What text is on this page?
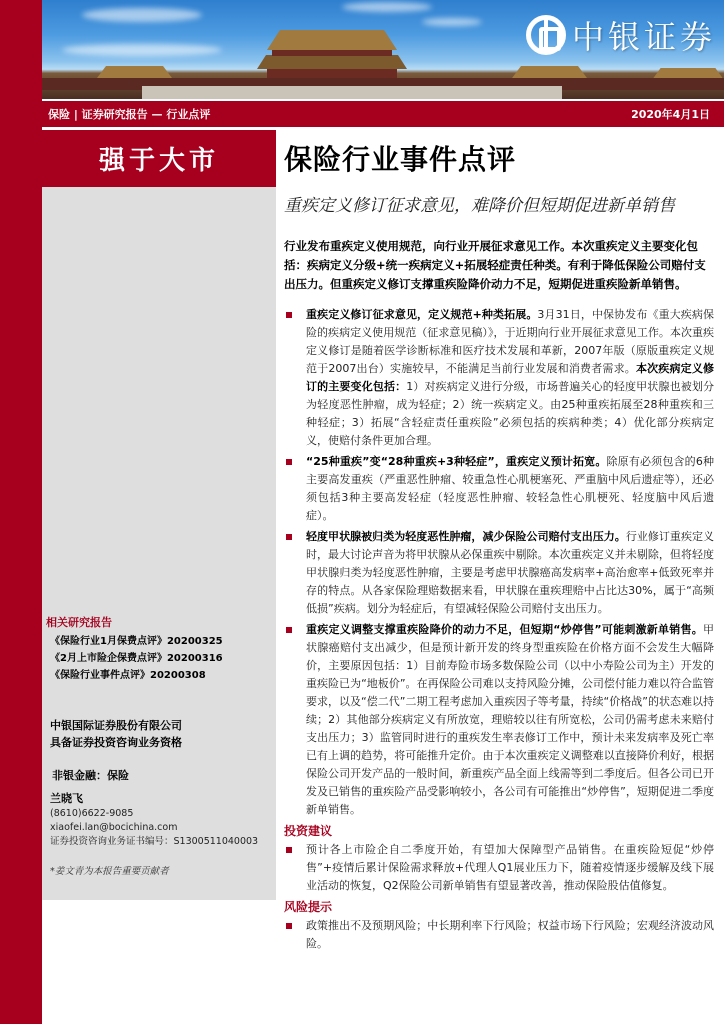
中银证券
保险 | 证券研究报告 — 行业点评	2020年4月1日
强于大市
相关研究报告
《保险行业1月保费点评》20200325
《2月上市险企保费点评》20200316
《保险行业事件点评》20200308
中银国际证券股份有限公司
具备证券投资咨询业务资格
非银金融：保险
兰晓飞
(8610)6622-9085
xiaofei.lan@bocichina.com
证券投资咨询业务证书编号：S1300511040003
*姜文青为本报告重要贡献者
保险行业事件点评
重疾定义修订征求意见，难降价但短期促进新单销售
行业发布重疾定义使用规范，向行业开展征求意见工作。本次重疾定义主要变化包括：疾病定义分级+统一疾病定义+拓展轻症责任种类。有利于降低保险公司赔付支出压力。但重疾定义修订支撑重疾险降价动力不足，短期促进重疾险新单销售。
重疾定义修订征求意见，定义规范+种类拓展。3月31日，中保协发布《重大疾病保险的疾病定义使用规范（征求意见稿）》，于近期向行业开展征求意见工作。本次重疾定义修订是随着医学诊断标准和医疗技术发展和革新，2007年版（原版重疾定义规范于2007出台）实施较早，不能满足当前行业发展和消费者需求。本次疾病定义修订的主要变化包括：1）对疾病定义进行分级，市场普遍关心的轻度甲状腺也被划分为轻度恶性肿瘤，成为轻症；2）统一疾病定义。由25种重疾拓展至28种重疾和三种轻症；3）拓展“含轻症责任重疾险”必须包括的疾病种类；4）优化部分疾病定义，使赔付条件更加合理。
“25种重疾”变“28种重疾+3种轻症”，重疾定义预计拓宽。除原有必须包含的6种主要高发重疾（严重恶性肿瘤、较重急性心肌梗塞死、严重脑中风后遗症等），还必须包括3种主要高发轻症（轻度恶性肿瘤、较轻急性心肌梗死、轻度脑中风后遗症）。
轻度甲状腺被归类为轻度恶性肿瘤，减少保险公司赔付支出压力。行业修订重疾定义时，最大讨论声音为将甲状腺从必保重疾中剔除。本次重疾定义并未剔除，但将轻度甲状腺归类为轻度恶性肿瘤，主要是考虑甲状腺癌高发病率+高治愈率+低致死率并存的特点。从各家保险理赔数据来看，甲状腺在重疾理赔中占比达30%，属于“高频低损”疾病。划分为轻症后，有望减轻保险公司赔付支出压力。
重疾定义调整支撑重疾险降价的动力不足，但短期“炒停售”可能刺激新单销售。甲状腺癌赔付支出减少，但是预计新开发的终身型重疾险在价格方面不会发生大幅降价，主要原因包括：1）目前寿险市场多数保险公司（以中小寿险公司为主）开发的重疾险已为“地板价”。在再保险公司难以支持风险分摊，公司偿付能力难以符合监管要求，以及“偿二代”二期工程考虑加入重疾因子等考量，持续“价格战”的状态难以持续；2）其他部分疾病定义有所放宽，理赔较以往有所宽松，公司仍需考虑未来赔付支出压力；3）监管同时进行的重疾发生率表修订工作中，预计未来发病率及死亡率已有上调的趋势，将可能推升定价。由于本次重疾定义调整难以直接降价利好，根据保险公司开发产品的一般时间，新重疾产品全面上线需等到二季度后。但各公司已开发及已销售的重疾险产品受影响较小，各公司有可能推出“炒停售”，短期促进二季度新单销售。
投资建议
预计各上市险企自二季度开始，有望加大保障型产品销售。在重疾险短促“炒停售”+疫情后累计保险需求释放+代理人Q1展业压力下，随着疫情逐步缓解及线下展业活动的恢复，Q2保险公司新单销售有望显著改善，推动保险股估值修复。
风险提示
政策推出不及预期风险；中长期利率下行风险；权益市场下行风险；宏观经济波动风险。
